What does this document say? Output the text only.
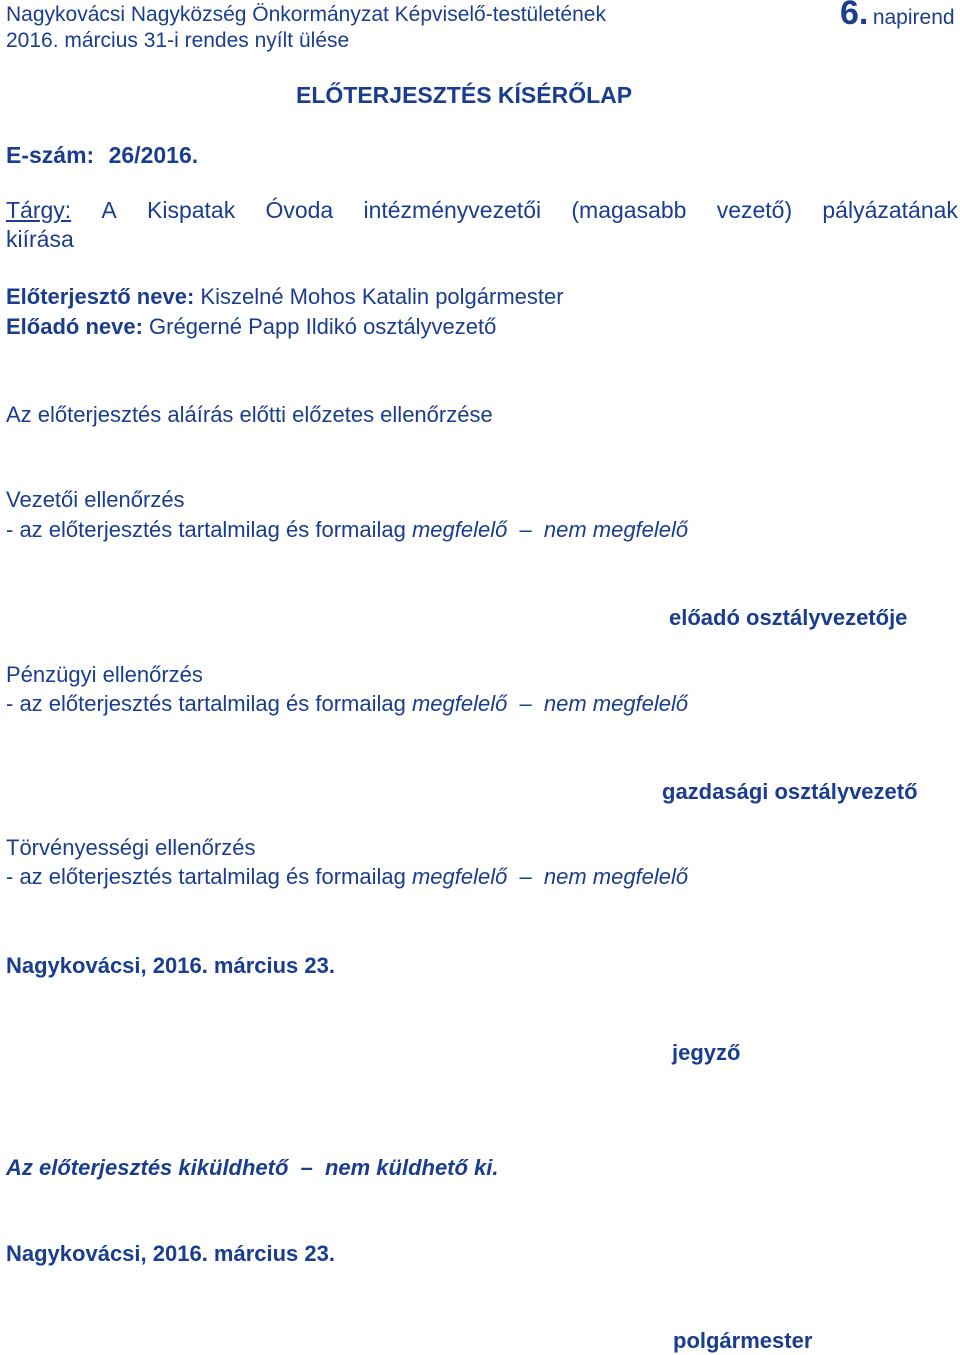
Nagykovácsi Nagyközség Önkormányzat Képviselő-testületének
2016. március 31-i rendes nyílt ülése
6. napirend
ELŐTERJESZTÉS KÍSÉRŐLAP
E-szám: 26/2016.
Tárgy: A Kispatak Óvoda intézményvezetői (magasabb vezető) pályázatának
kiírása
Előterjesztő neve: Kiszelné Mohos Katalin polgármester
Előadó neve: Grégerné Papp Ildikó osztályvezető
Az előterjesztés aláírás előtti előzetes ellenőrzése
Vezetői ellenőrzés
- az előterjesztés tartalmilag és formailag megfelelő – nem megfelelő
előadó osztályvezetője
Pénzügyi ellenőrzés
- az előterjesztés tartalmilag és formailag megfelelő – nem megfelelő
gazdasági osztályvezető
Törvényességi ellenőrzés
- az előterjesztés tartalmilag és formailag megfelelő – nem megfelelő
Nagykovácsi, 2016. március 23.
jegyző
Az előterjesztés kiküldhető – nem küldhető ki.
Nagykovácsi, 2016. március 23.
polgármester
